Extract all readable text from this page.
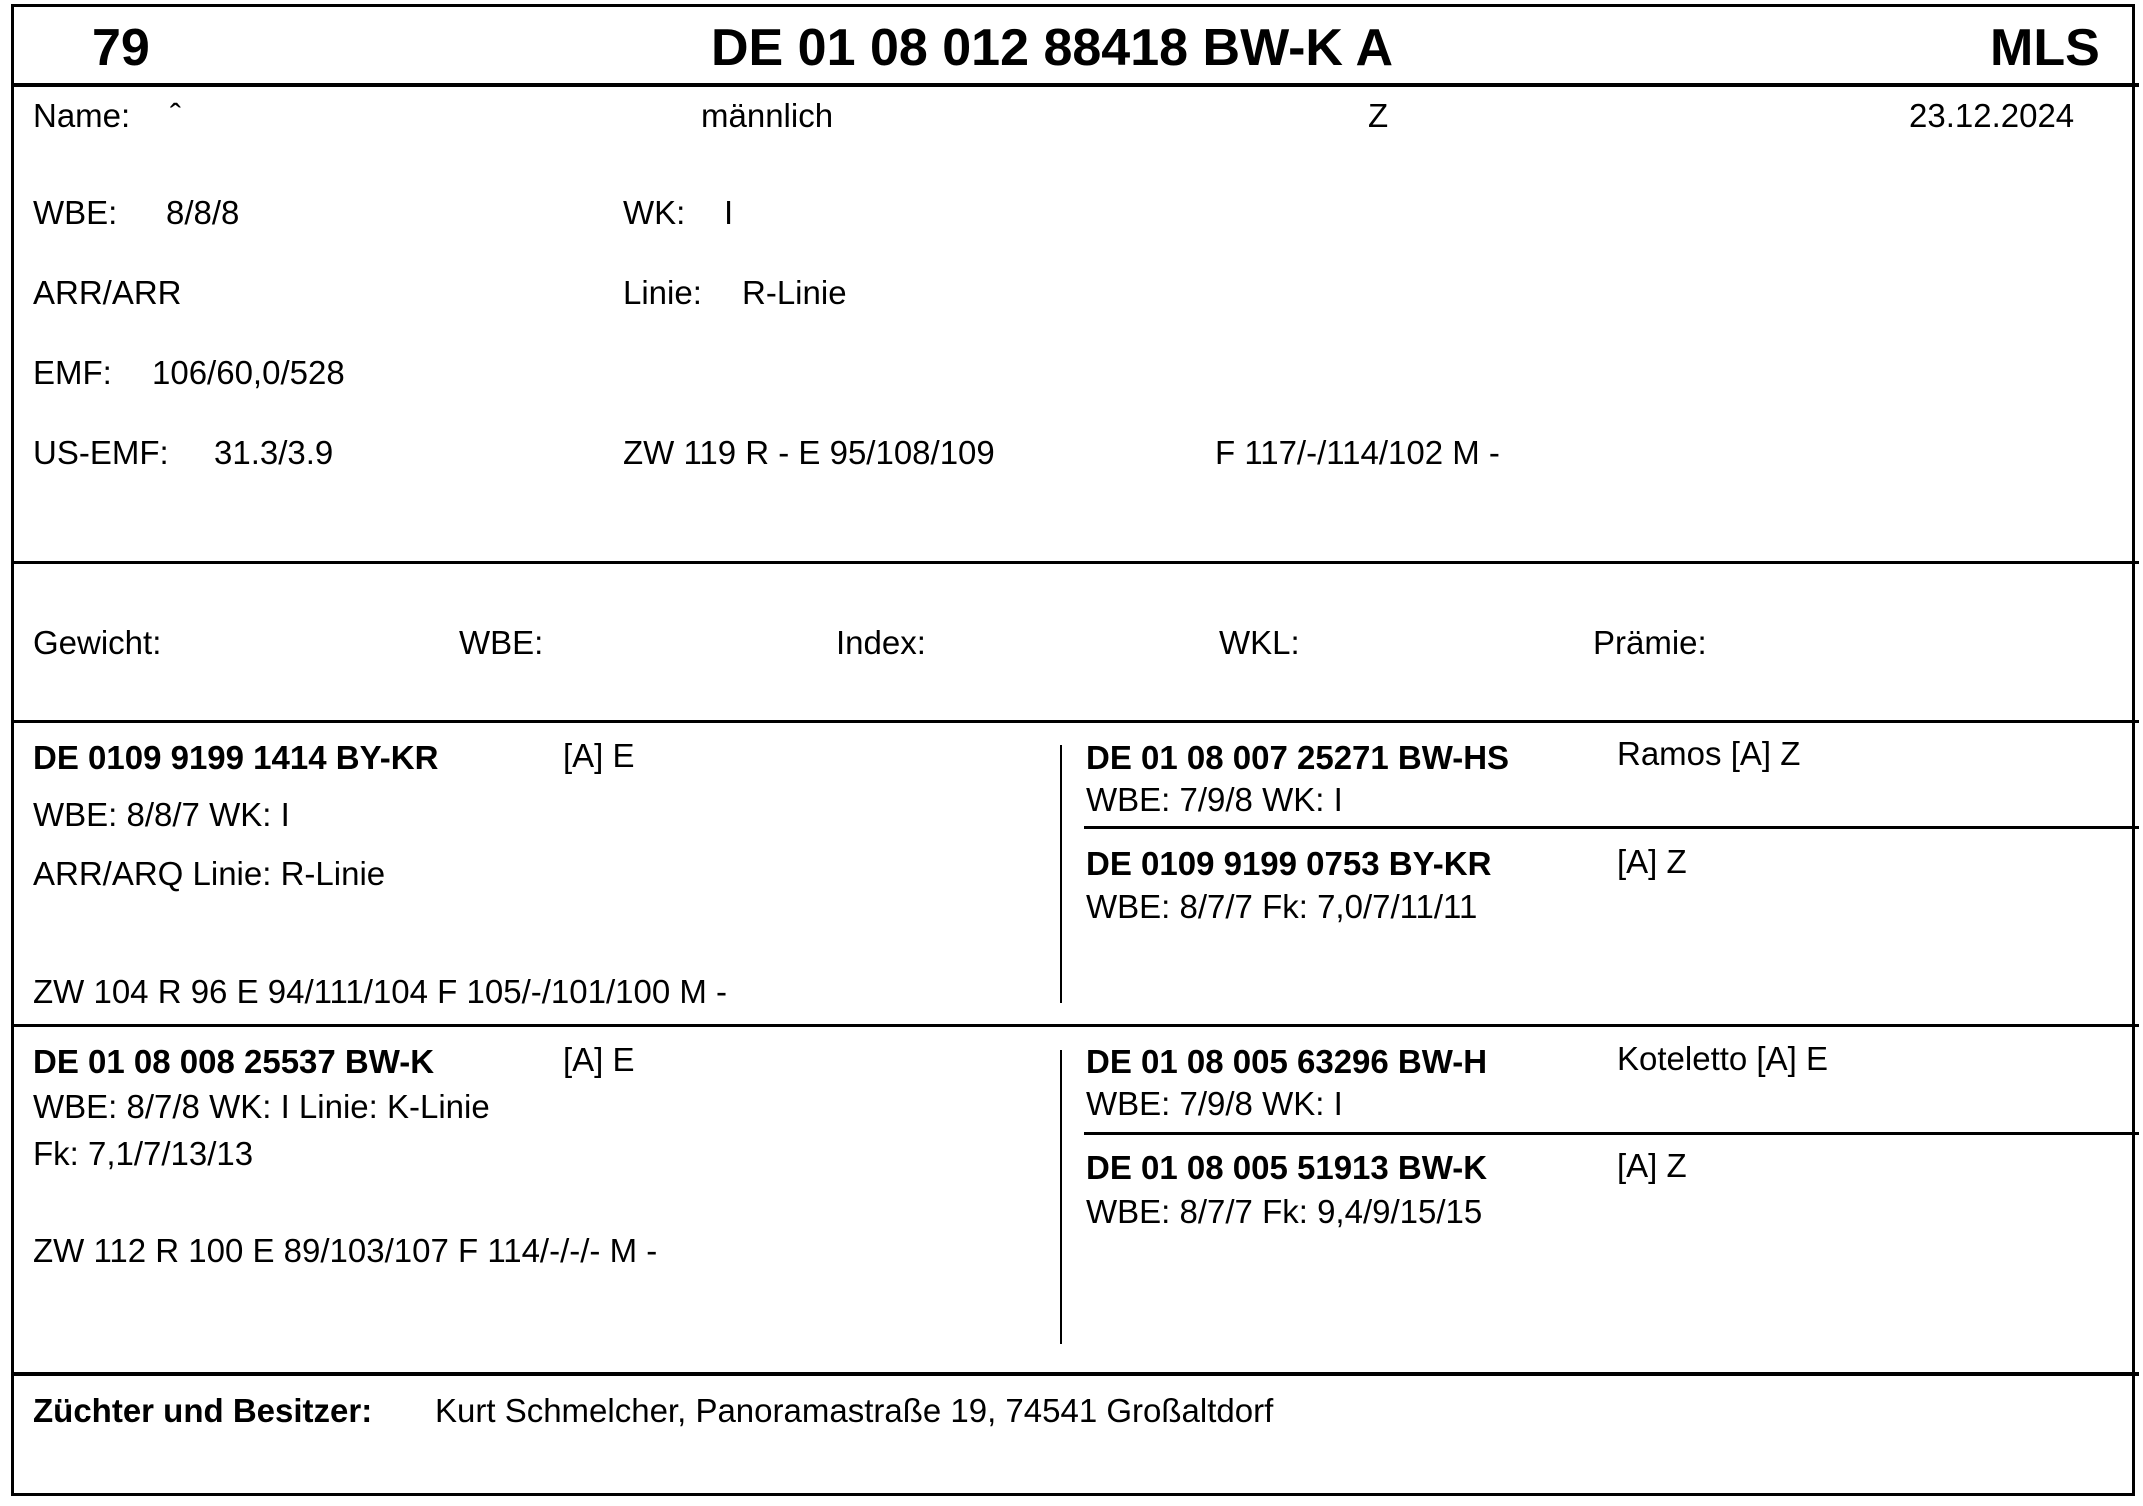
79	DE 01 08 012 88418 BW-K A	MLS
Name: ˆ	männlich	Z	23.12.2024
WBE: 8/8/8	WK: I
ARR/ARR	Linie: R-Linie
EMF: 106/60,0/528
US-EMF: 31.3/3.9	ZW 119 R - E 95/108/109	F 117/-/114/102 M -
Gewicht:	WBE:	Index:	WKL:	Prämie:
DE 0109 9199 1414 BY-KR	[A] E
WBE: 8/8/7 WK: I
ARR/ARQ Linie: R-Linie
ZW 104 R 96 E 94/111/104 F 105/-/101/100 M -
DE 01 08 007 25271 BW-HS	Ramos [A] Z
WBE: 7/9/8 WK: I
DE 0109 9199 0753 BY-KR	[A] Z
WBE: 8/7/7 Fk: 7,0/7/11/11
DE 01 08 008 25537 BW-K	[A] E
WBE: 8/7/8 WK: I Linie: K-Linie
Fk: 7,1/7/13/13
ZW 112 R 100 E 89/103/107 F 114/-/-/- M -
DE 01 08 005 63296 BW-H	Koteletto [A] E
WBE: 7/9/8 WK: I
DE 01 08 005 51913 BW-K	[A] Z
WBE: 8/7/7 Fk: 9,4/9/15/15
Züchter und Besitzer: Kurt Schmelcher, Panoramastraße 19, 74541 Großaltdorf
